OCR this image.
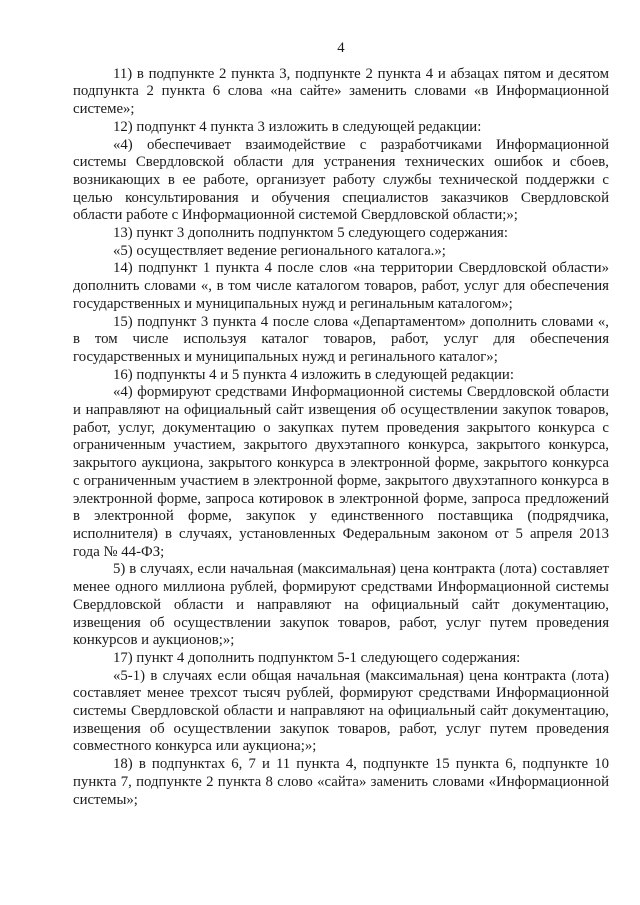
4

11) в подпункте 2 пункта 3, подпункте 2 пункта 4 и абзацах пятом и десятом подпункта 2 пункта 6 слова «на сайте» заменить словами «в Информационной системе»;

12) подпункт 4 пункта 3 изложить в следующей редакции:

«4) обеспечивает взаимодействие с разработчиками Информационной системы Свердловской области для устранения технических ошибок и сбоев, возникающих в ее работе, организует работу службы технической поддержки с целью консультирования и обучения специалистов заказчиков Свердловской области работе с Информационной системой Свердловской области;»;

13) пункт 3 дополнить подпунктом 5 следующего содержания:

«5) осуществляет ведение регионального каталога.»;

14) подпункт 1 пункта 4 после слов «на территории Свердловской области» дополнить словами «, в том числе каталогом товаров, работ, услуг для обеспечения государственных и муниципальных нужд и регинальным каталогом»;

15) подпункт 3 пункта 4 после слова «Департаментом» дополнить словами «, в том числе используя каталог товаров, работ, услуг для обеспечения государственных и муниципальных нужд и регинального каталог»;

16) подпункты 4 и 5 пункта 4 изложить в следующей редакции:

«4) формируют средствами Информационной системы Свердловской области и направляют на официальный сайт извещения об осуществлении закупок товаров, работ, услуг, документацию о закупках путем проведения закрытого конкурса с ограниченным участием, закрытого двухэтапного конкурса, закрытого конкурса, закрытого аукциона, закрытого конкурса в электронной форме, закрытого конкурса с ограниченным участием в электронной форме, закрытого двухэтапного конкурса в электронной форме, запроса котировок в электронной форме, запроса предложений в электронной форме, закупок у единственного поставщика (подрядчика, исполнителя) в случаях, установленных Федеральным законом от 5 апреля 2013 года № 44-ФЗ;

5) в случаях, если начальная (максимальная) цена контракта (лота) составляет менее одного миллиона рублей, формируют средствами Информационной системы Свердловской области и направляют на официальный сайт документацию, извещения об осуществлении закупок товаров, работ, услуг путем проведения конкурсов и аукционов;»;

17) пункт 4 дополнить подпунктом 5-1 следующего содержания:

«5-1) в случаях если общая начальная (максимальная) цена контракта (лота) составляет менее трехсот тысяч рублей, формируют средствами Информационной системы Свердловской области и направляют на официальный сайт документацию, извещения об осуществлении закупок товаров, работ, услуг путем проведения совместного конкурса или аукциона;»;

18) в подпунктах 6, 7 и 11 пункта 4, подпункте 15 пункта 6, подпункте 10 пункта 7, подпункте 2 пункта 8 слово «сайта» заменить словами «Информационной системы»;
